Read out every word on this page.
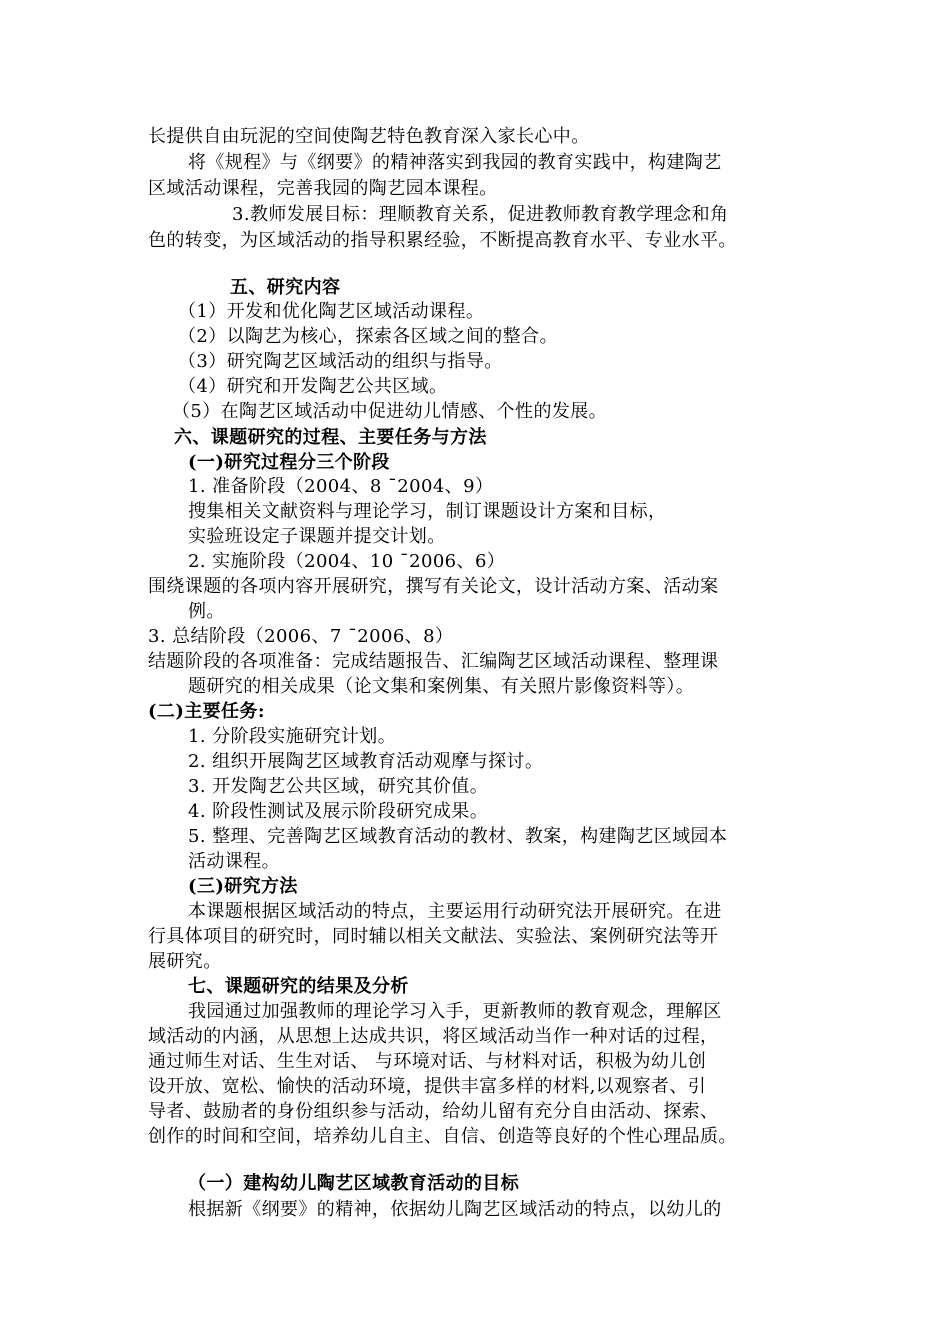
长提供自由玩泥的空间使陶艺特色教育深入家长心中。
将《规程》与《纲要》的精神落实到我园的教育实践中，构建陶艺
区域活动课程，完善我园的陶艺园本课程。
3.教师发展目标：理顺教育关系，促进教师教育教学理念和角
色的转变，为区域活动的指导积累经验，不断提高教育水平、专业水平。
五、研究内容
（1）开发和优化陶艺区域活动课程。
（2）以陶艺为核心，探索各区域之间的整合。
（3）研究陶艺区域活动的组织与指导。
（4）研究和开发陶艺公共区域。
（5）在陶艺区域活动中促进幼儿情感、个性的发展。
六、课题研究的过程、主要任务与方法
(一)研究过程分三个阶段
1. 准备阶段（2004、8 ¯2004、9）
搜集相关文献资料与理论学习，制订课题设计方案和目标，
实验班设定子课题并提交计划。
2. 实施阶段（2004、10 ¯2006、6）
围绕课题的各项内容开展研究，撰写有关论文，设计活动方案、活动案
例。
3. 总结阶段（2006、7 ¯2006、8）
结题阶段的各项准备：完成结题报告、汇编陶艺区域活动课程、整理课
题研究的相关成果（论文集和案例集、有关照片影像资料等）。
(二)主要任务:
1. 分阶段实施研究计划。
2. 组织开展陶艺区域教育活动观摩与探讨。
3. 开发陶艺公共区域，研究其价值。
4. 阶段性测试及展示阶段研究成果。
5. 整理、完善陶艺区域教育活动的教材、教案，构建陶艺区域园本
活动课程。
(三)研究方法
本课题根据区域活动的特点，主要运用行动研究法开展研究。在进
行具体项目的研究时，同时辅以相关文献法、实验法、案例研究法等开
展研究。
七、课题研究的结果及分析
我园通过加强教师的理论学习入手，更新教师的教育观念，理解区
域活动的内涵，从思想上达成共识，将区域活动当作一种对话的过程，
通过师生对话、生生对话、 与环境对话、与材料对话，积极为幼儿创
设开放、宽松、愉快的活动环境，提供丰富多样的材料,以观察者、引
导者、鼓励者的身份组织参与活动，给幼儿留有充分自由活动、探索、
创作的时间和空间，培养幼儿自主、自信、创造等良好的个性心理品质。
（一）建构幼儿陶艺区域教育活动的目标
根据新《纲要》的精神，依据幼儿陶艺区域活动的特点，以幼儿的
